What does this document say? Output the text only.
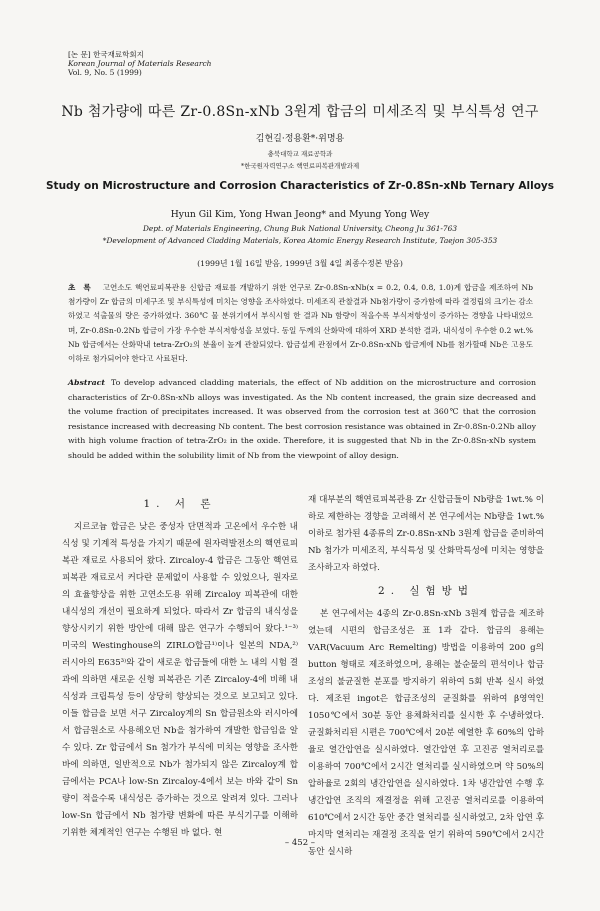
[논 문] 한국재료학회지
Korean Journal of Materials Research
Vol. 9, No. 5 (1999)
Nb 첨가량에 따른 Zr-0.8Sn-xNb 3원계 합금의 미세조직 및 부식특성 연구
김현길·정용환*·위명용
충북대학교 재료공학과
*한국원자력연구소 핵연료피복관개발과제
Study on Microstructure and Corrosion Characteristics of Zr-0.8Sn-xNb Ternary Alloys
Hyun Gil Kim, Yong Hwan Jeong* and Myung Yong Wey
Dept. of Materials Engineering, Chung Buk National University, Cheong Ju 361-763
*Development of Advanced Cladding Materials, Korea Atomic Energy Research Institute, Taejon 305-353
(1999년 1월 16일 받음, 1999년 3월 4일 최종수정본 받음)
초록 고연소도 핵연료피복관용 신합금 재료를 개발하기 위한 연구로 Zr-0.8Sn-xNb(x = 0.2, 0.4, 0.8, 1.0)계 합금을 제조하여 Nb 첨가량이 Zr 합금의 미세구조 및 부식특성에 미치는 영향을 조사하였다. 미세조직 관찰결과 Nb첨가량이 증가함에 따라 결정립의 크기는 감소하였고 석출물의 량은 증가하였다. 360℃ 물 분위기에서 부식시험 한 결과 Nb 함량이 적을수록 부식저항성이 증가하는 경향을 나타내었으며, Zr-0.8Sn-0.2Nb 합금이 가장 우수한 부식저항성을 보였다. 동일 두께의 산화막에 대하여 XRD 분석한 결과, 내식성이 우수한 0.2 wt.% Nb 합금에서는 산화막내 tetra-ZrO₂의 분율이 높게 관찰되었다. 합금설계 관점에서 Zr-0.8Sn-xNb 합금계에 Nb를 첨가할때 Nb은 고용도 이하로 첨가되어야 한다고 사료된다.
Abstract To develop advanced cladding materials, the effect of Nb addition on the microstructure and corrosion characteristics of Zr-0.8Sn-xNb alloys was investigated. As the Nb content increased, the grain size decreased and the volume fraction of precipitates increased. It was observed from the corrosion test at 360℃ that the corrosion resistance increased with decreasing Nb content. The best corrosion resistance was obtained in Zr-0.8Sn-0.2Nb alloy with high volume fraction of tetra-ZrO₂ in the oxide. Therefore, it is suggested that Nb in the Zr-0.8Sn-xNb system should be added within the solubility limit of Nb from the viewpoint of alloy design.
1. 서 론

지르코늄 합금은 낮은 중성자 단면적과 고온에서 우수한 내식성 및 기계적 특성을 가지기 때문에 원자력발전소의 핵연료피복관 재료로 사용되어 왔다. Zircaloy-4 합금은 그동안 핵연료피복관 재료로서 커다란 문제없이 사용할 수 있었으나, 원자로의 효율향상을 위한 고연소도용 위해 Zircaloy 피복관에 대한 내식성의 개선이 필요하게 되었다. 따라서 Zr 합금의 내식성을 향상시키기 위한 방안에 대해 많은 연구가 수행되어 왔다.¹⁻³⁾ 미국의 Westinghouse의 ZIRLO합금¹⁾이나 일본의 NDA,²⁾ 러시아의 E635³⁾와 같이 새로운 합금들에 대한 노 내의 시험 결과에 의하면 새로운 신형 피복관은 기존 Zircaloy-4에 비해 내식성과 크립특성 등이 상당히 향상되는 것으로 보고되고 있다. 이들 합금을 보면 서구 Zircaloy계의 Sn 합금원소와 러시아에서 합금원소로 사용해오던 Nb을 첨가하여 개발한 합금임을 알 수 있다. Zr 합금에서 Sn 첨가가 부식에 미치는 영향을 조사한 바에 의하면, 일반적으로 Nb가 첨가되지 않은 Zircaloy계 합금에서는 PCA나 low-Sn Zircaloy-4에서 보는 바와 같이 Sn 량이 적을수록 내식성은 증가하는 것으로 알려져 있다. 그러나 low-Sn 합금에서 Nb 첨가량 변화에 따른 부식기구를 이해하기위한 체계적인 연구는 수행된 바 없다. 현

재 대부분의 핵연료피복관용 Zr 신합금들이 Nb량을 1wt.% 이하로 제한하는 경향을 고려해서 본 연구에서는 Nb량을 1wt.% 이하로 첨가된 4종류의 Zr-0.8Sn-xNb 3원계 합금을 준비하여 Nb 첨가가 미세조직, 부식특성 및 산화막특성에 미치는 영향을 조사하고자 하였다.

2. 실험방법

본 연구에서는 4종의 Zr-0.8Sn-xNb 3원계 합금을 제조하였는데 시편의 합금조성은 표 1과 같다. 합금의 용해는 VAR(Vacuum Arc Remelting) 방법을 이용하여 200 g의 button 형태로 제조하였으며, 용해는 불순물의 편석이나 합금조성의 불균질한 분포를 방지하기 위하여 5회 반복 실시 하였다. 제조된 ingot은 합금조성의 균질화를 위하여 β영역인 1050℃에서 30분 동안 용체화처리를 실시한 후 수냉하였다. 균질화처리된 시편은 700℃에서 20분 예열한 후 60%의 압하율로 열간압연을 실시하였다. 열간압연 후 고진공 열처리로를 이용하여 700℃에서 2시간 열처리를 실시하였으며 약 50%의 압하율로 2회의 냉간압연을 실시하였다. 1차 냉간압연 수행 후 냉간압연 조직의 재결정을 위해 고진공 열처리로를 이용하여 610℃에서 2시간 동안 중간 열처리를 실시하였고, 2차 압연 후 마지막 열처리는 재결정 조직을 얻기 위하여 590℃에서 2시간 동안 실시하

– 452 –
